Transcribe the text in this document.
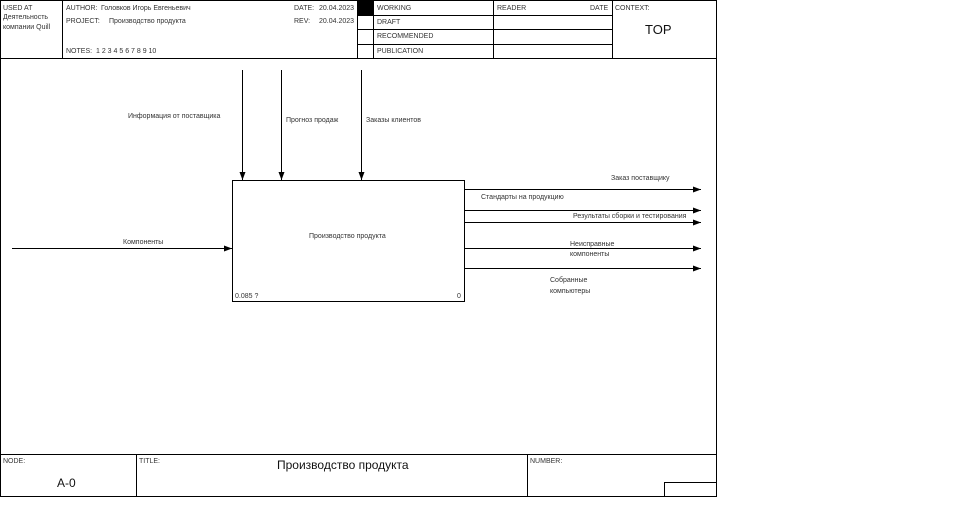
USED AT
Деятельность
компании Quill
AUTHOR: Головков Игорь Евгеньевич
PROJECT: Производство продукта
NOTES: 1 2 3 4 5 6 7 8 9 10
DATE: 20.04.2023
REV: 20.04.2023
WORKING
DRAFT
RECOMMENDED
PUBLICATION
READER	DATE CONTEXT:
TOP
Информация от поставщика
Прогноз продаж	Заказы клиентов
Производство продукта
0.085 ?	0
Компоненты
Заказ поставщику
Стандарты на продукцию
Результаты сборки и тестирования
Неисправные
компоненты
Собранные
компьютеры
NODE:
A-0
TITLE:	Производство продукта	NUMBER:
